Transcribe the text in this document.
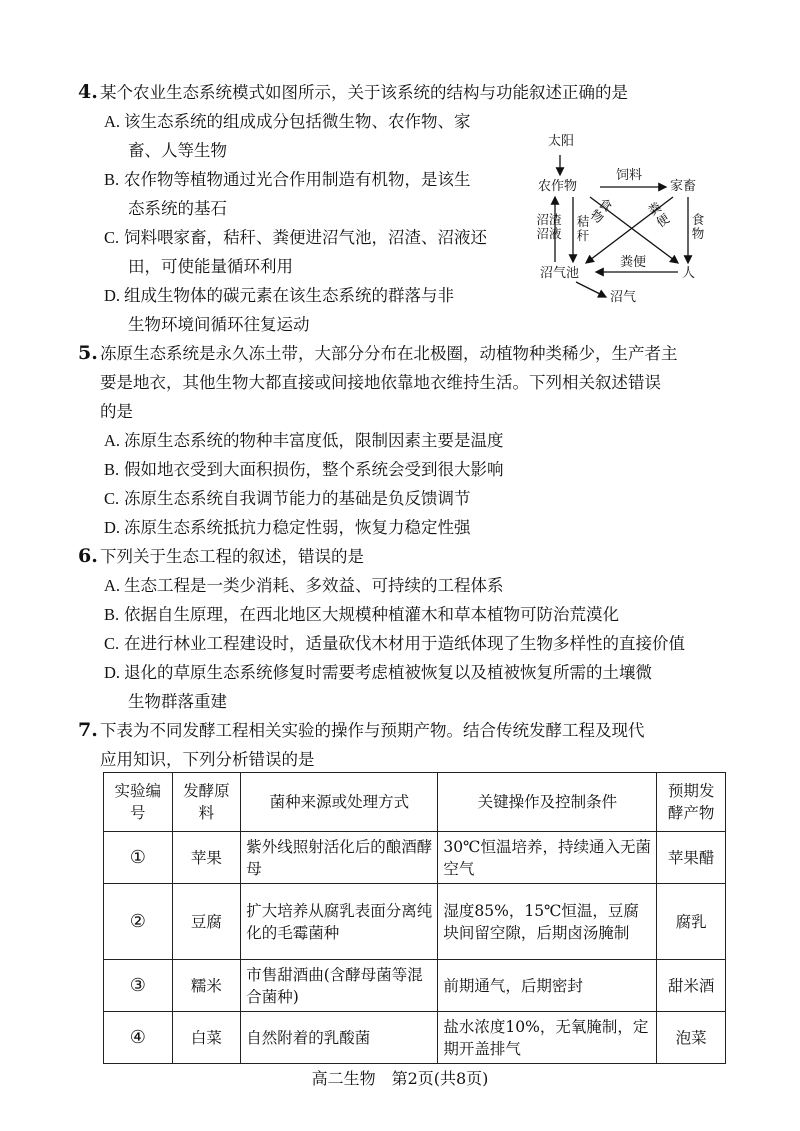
4. 某个农业生态系统模式如图所示，关于该系统的结构与功能叙述正确的是
A. 该生态系统的组成成分包括微生物、农作物、家
畜、人等生物
B. 农作物等植物通过光合作用制造有机物，是该生
态系统的基石
C. 饲料喂家畜，秸秆、粪便进沼气池，沼渣、沼液还
田，可使能量循环利用
D. 组成生物体的碳元素在该生态系统的群落与非
生物环境间循环往复运动
太阳
农作物	家畜
饲料
食物
沼渣沼液
秸秆
食物	粪便
沼气池	人
粪便
沼气
5. 冻原生态系统是永久冻土带，大部分分布在北极圈，动植物种类稀少，生产者主
要是地衣，其他生物大都直接或间接地依靠地衣维持生活。下列相关叙述错误
的是
A. 冻原生态系统的物种丰富度低，限制因素主要是温度
B. 假如地衣受到大面积损伤，整个系统会受到很大影响
C. 冻原生态系统自我调节能力的基础是负反馈调节
D. 冻原生态系统抵抗力稳定性弱，恢复力稳定性强
6. 下列关于生态工程的叙述，错误的是
A. 生态工程是一类少消耗、多效益、可持续的工程体系
B. 依据自生原理，在西北地区大规模种植灌木和草本植物可防治荒漠化
C. 在进行林业工程建设时，适量砍伐木材用于造纸体现了生物多样性的直接价值
D. 退化的草原生态系统修复时需要考虑植被恢复以及植被恢复所需的土壤微
生物群落重建
7. 下表为不同发酵工程相关实验的操作与预期产物。结合传统发酵工程及现代
应用知识，下列分析错误的是
实验编号	发酵原料	菌种来源或处理方式	关键操作及控制条件	预期发酵产物
①	苹果	紫外线照射活化后的酿酒酵母	30℃恒温培养，持续通入无菌空气	苹果醋
②	豆腐	扩大培养从腐乳表面分离纯化的毛霉菌种	湿度85%，15℃恒温，豆腐块间留空隙，后期卤汤腌制	腐乳
③	糯米	市售甜酒曲(含酵母菌等混合菌种)	前期通气，后期密封	甜米酒
④	白菜	自然附着的乳酸菌	盐水浓度10%，无氧腌制，定期开盖排气	泡菜
高二生物　第2页(共8页)
